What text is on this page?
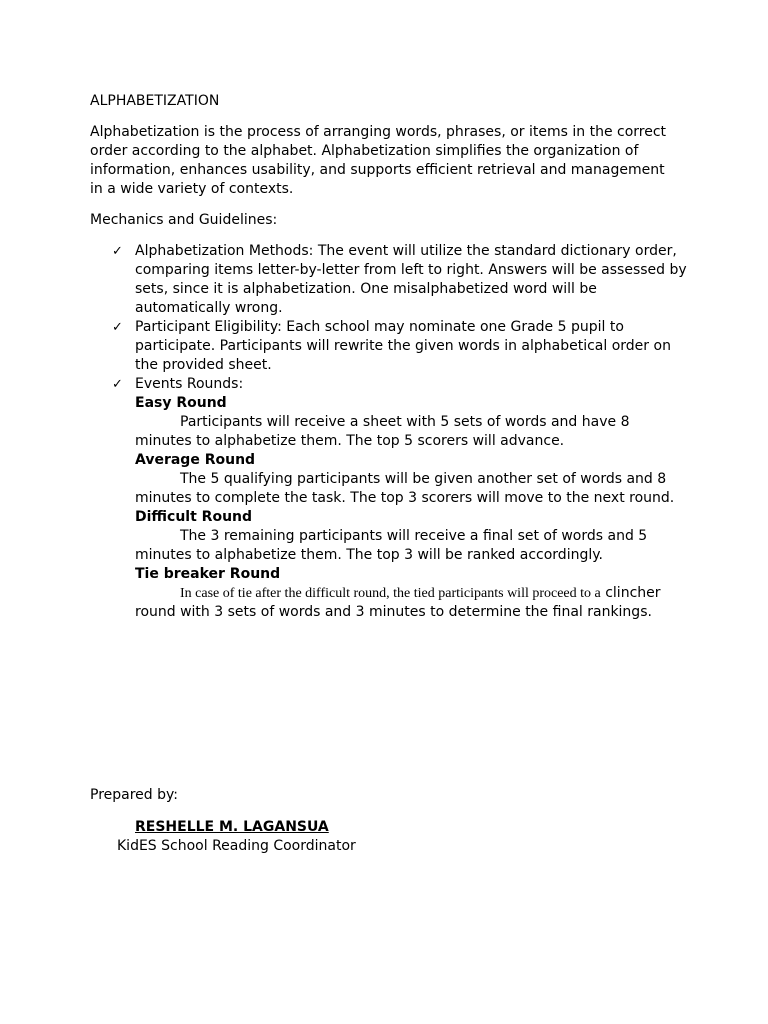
ALPHABETIZATION
Alphabetization is the process of arranging words, phrases, or items in the correct order according to the alphabet. Alphabetization simplifies the organization of information, enhances usability, and supports efficient retrieval and management in a wide variety of contexts.
Mechanics and Guidelines:
✓ Alphabetization Methods: The event will utilize the standard dictionary order, comparing items letter-by-letter from left to right. Answers will be assessed by sets, since it is alphabetization. One misalphabetized word will be automatically wrong.
✓ Participant Eligibility: Each school may nominate one Grade 5 pupil to participate. Participants will rewrite the given words in alphabetical order on the provided sheet.
✓ Events Rounds:
Easy Round
Participants will receive a sheet with 5 sets of words and have 8 minutes to alphabetize them. The top 5 scorers will advance.
Average Round
The 5 qualifying participants will be given another set of words and 8 minutes to complete the task. The top 3 scorers will move to the next round.
Difficult Round
The 3 remaining participants will receive a final set of words and 5 minutes to alphabetize them. The top 3 will be ranked accordingly.
Tie breaker Round
In case of tie after the difficult round, the tied participants will proceed to a clincher round with 3 sets of words and 3 minutes to determine the final rankings.
Prepared by:
RESHELLE M. LAGANSUA
KidES School Reading Coordinator
